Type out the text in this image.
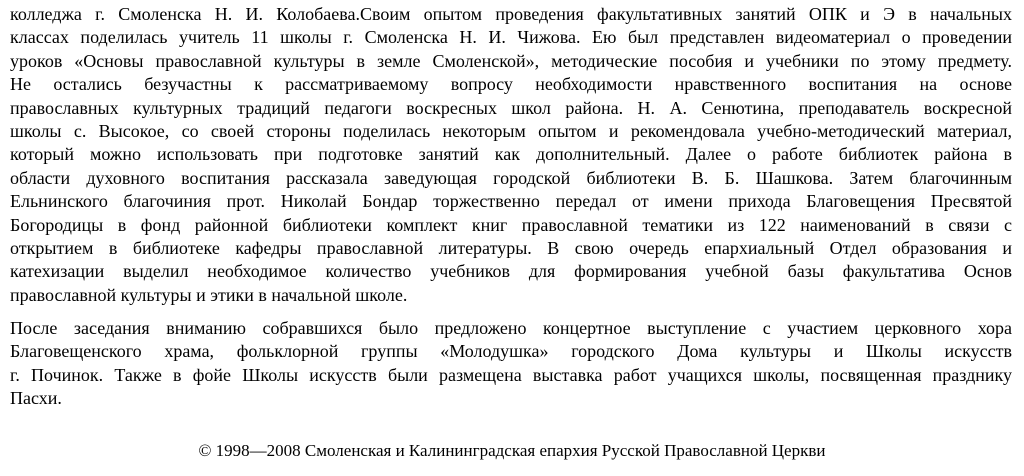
колледжа г. Смоленска Н. И. Колобаева.Своим опытом проведения факультативных занятий ОПК и Э в начальных
классах поделилась учитель 11 школы г. Смоленска Н. И. Чижова. Ею был представлен видеоматериал о проведении
уроков «Основы православной культуры в земле Смоленской», методические пособия и учебники по этому предмету.
Не остались безучастны к рассматриваемому вопросу необходимости нравственного воспитания на основе
православных культурных традиций педагоги воскресных школ района. Н. А. Сенютина, преподаватель воскресной
школы с. Высокое, со своей стороны поделилась некоторым опытом и рекомендовала учебно-методический материал,
который можно использовать при подготовке занятий как дополнительный. Далее о работе библиотек района в
области духовного воспитания рассказала заведующая городской библиотеки В. Б. Шашкова. Затем благочинным
Ельнинского благочиния прот. Николай Бондар торжественно передал от имени прихода Благовещения Пресвятой
Богородицы в фонд районной библиотеки комплект книг православной тематики из 122 наименований в связи с
открытием в библиотеке кафедры православной литературы. В свою очередь епархиальный Отдел образования и
катехизации выделил необходимое количество учебников для формирования учебной базы факультатива Основ
православной культуры и этики в начальной школе.
После заседания вниманию собравшихся было предложено концертное выступление с участием церковного хора
Благовещенского храма, фольклорной группы «Молодушка» городского Дома культуры и Школы искусств
г. Починок. Также в фойе Школы искусств были размещена выставка работ учащихся школы, посвященная празднику
Пасхи.
© 1998—2008 Смоленская и Калининградская епархия Русской Православной Церкви
